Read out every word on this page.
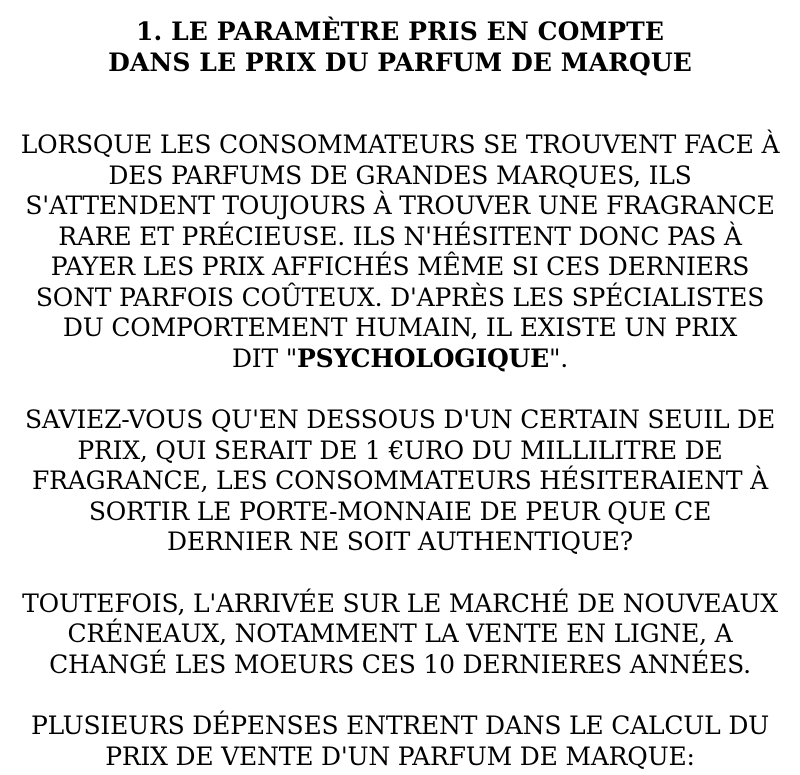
1. LE PARAMÈTRE PRIS EN COMPTE
DANS LE PRIX DU PARFUM DE MARQUE

LORSQUE LES CONSOMMATEURS SE TROUVENT FACE À
DES PARFUMS DE GRANDES MARQUES, ILS
S'ATTENDENT TOUJOURS À TROUVER UNE FRAGRANCE
RARE ET PRÉCIEUSE. ILS N'HÉSITENT DONC PAS À
PAYER LES PRIX AFFICHÉS MÊME SI CES DERNIERS
SONT PARFOIS COÛTEUX. D'APRÈS LES SPÉCIALISTES
DU COMPORTEMENT HUMAIN, IL EXISTE UN PRIX
DIT "PSYCHOLOGIQUE".

SAVIEZ-VOUS QU'EN DESSOUS D'UN CERTAIN SEUIL DE
PRIX, QUI SERAIT DE 1 €URO DU MILLILITRE DE
FRAGRANCE, LES CONSOMMATEURS HÉSITERAIENT À
SORTIR LE PORTE-MONNAIE DE PEUR QUE CE
DERNIER NE SOIT AUTHENTIQUE?

TOUTEFOIS, L'ARRIVÉE SUR LE MARCHÉ DE NOUVEAUX
CRÉNEAUX, NOTAMMENT LA VENTE EN LIGNE, A
CHANGÉ LES MOEURS CES 10 DERNIERES ANNÉES.

PLUSIEURS DÉPENSES ENTRENT DANS LE CALCUL DU
PRIX DE VENTE D'UN PARFUM DE MARQUE:
